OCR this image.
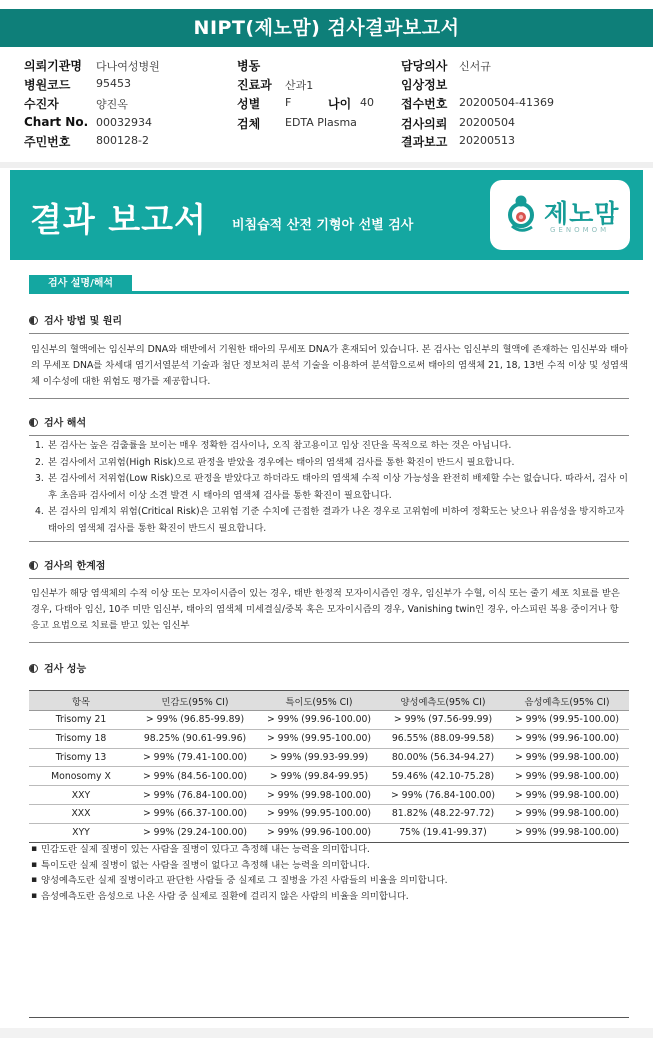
NIPT(제노맘) 검사결과보고서
의뢰기관명 다나여성병원
병원코드 95453
수진자	양진옥
Chart No. 00032934
주민번호 800128-2
병동
진료과 산과1
성별 F	나이 40
검체 EDTA Plasma
담당의사 신서규
임상정보
접수번호 20200504-41369
검사의뢰 20200504
결과보고 20200513
결과 보고서 비침습적 산전 기형아 선별 검사	제노맘
GENOMOM
검사 설명/해석
검사 방법 및 원리
임신부의 혈액에는 임신부의 DNA와 태반에서 기원한 태아의 무세포 DNA가 혼재되어 있습니다. 본 검사는 임신부의 혈액에 존재하는 임신부와 태아의 무세포 DNA를 차세대 염기서열분석 기술과 첨단 정보처리 분석 기술을 이용하여 분석함으로써 태아의 염색체 21, 18, 13번 수적 이상 및 성염색체 이수성에 대한 위험도 평가를 제공합니다.
검사 해석
1. 본 검사는 높은 검출률을 보이는 매우 정확한 검사이나, 오직 참고용이고 임상 진단을 목적으로 하는 것은 아닙니다.
2. 본 검사에서 고위험(High Risk)으로 판정을 받았을 경우에는 태아의 염색체 검사를 통한 확진이 반드시 필요합니다.
3. 본 검사에서 저위험(Low Risk)으로 판정을 받았다고 하더라도 태아의 염색체 수적 이상 가능성을 완전히 배제할 수는 없습니다. 따라서, 검사 이후 초음파 검사에서 이상 소견 발견 시 태아의 염색체 검사를 통한 확진이 필요합니다.
4. 본 검사의 임계치 위험(Critical Risk)은 고위험 기준 수치에 근접한 결과가 나온 경우로 고위험에 비하여 정확도는 낮으나 위음성을 방지하고자 태아의 염색체 검사를 통한 확진이 반드시 필요합니다.
검사의 한계점
임신부가 해당 염색체의 수적 이상 또는 모자이시즘이 있는 경우, 태반 한정적 모자이시즘인 경우, 임신부가 수혈, 이식 또는 줄기 세포 치료를 받은 경우, 다태아 임신, 10주 미만 임신부, 태아의 염색체 미세결실/중복 혹은 모자이시즘의 경우, Vanishing twin인 경우, 아스피린 복용 중이거나 항 응고 요법으로 치료를 받고 있는 임신부
검사 성능
항목	민감도(95% CI)	특이도(95% CI)	양성예측도(95% CI)	음성예측도(95% CI)
Trisomy 21	> 99% (96.85-99.89)	> 99% (99.96-100.00)	> 99% (97.56-99.99)	> 99% (99.95-100.00)
Trisomy 18	98.25% (90.61-99.96)	> 99% (99.95-100.00)	96.55% (88.09-99.58)	> 99% (99.96-100.00)
Trisomy 13	> 99% (79.41-100.00)	> 99% (99.93-99.99)	80.00% (56.34-94.27)	> 99% (99.98-100.00)
Monosomy X	> 99% (84.56-100.00)	> 99% (99.84-99.95)	59.46% (42.10-75.28)	> 99% (99.98-100.00)
XXY	> 99% (76.84-100.00)	> 99% (99.98-100.00)	> 99% (76.84-100.00)	> 99% (99.98-100.00)
XXX	> 99% (66.37-100.00)	> 99% (99.95-100.00)	81.82% (48.22-97.72)	> 99% (99.98-100.00)
XYY	> 99% (29.24-100.00)	> 99% (99.96-100.00)	75% (19.41-99.37)	> 99% (99.98-100.00)
▪ 민감도란 실제 질병이 있는 사람을 질병이 있다고 측정해 내는 능력을 의미합니다.
▪ 특이도란 실제 질병이 없는 사람을 질병이 없다고 측정해 내는 능력을 의미합니다.
▪ 양성예측도란 실제 질병이라고 판단한 사람들 중 실제로 그 질병을 가진 사람들의 비율을 의미합니다.
▪ 음성예측도란 음성으로 나온 사람 중 실제로 질환에 걸리지 않은 사람의 비율을 의미합니다.
